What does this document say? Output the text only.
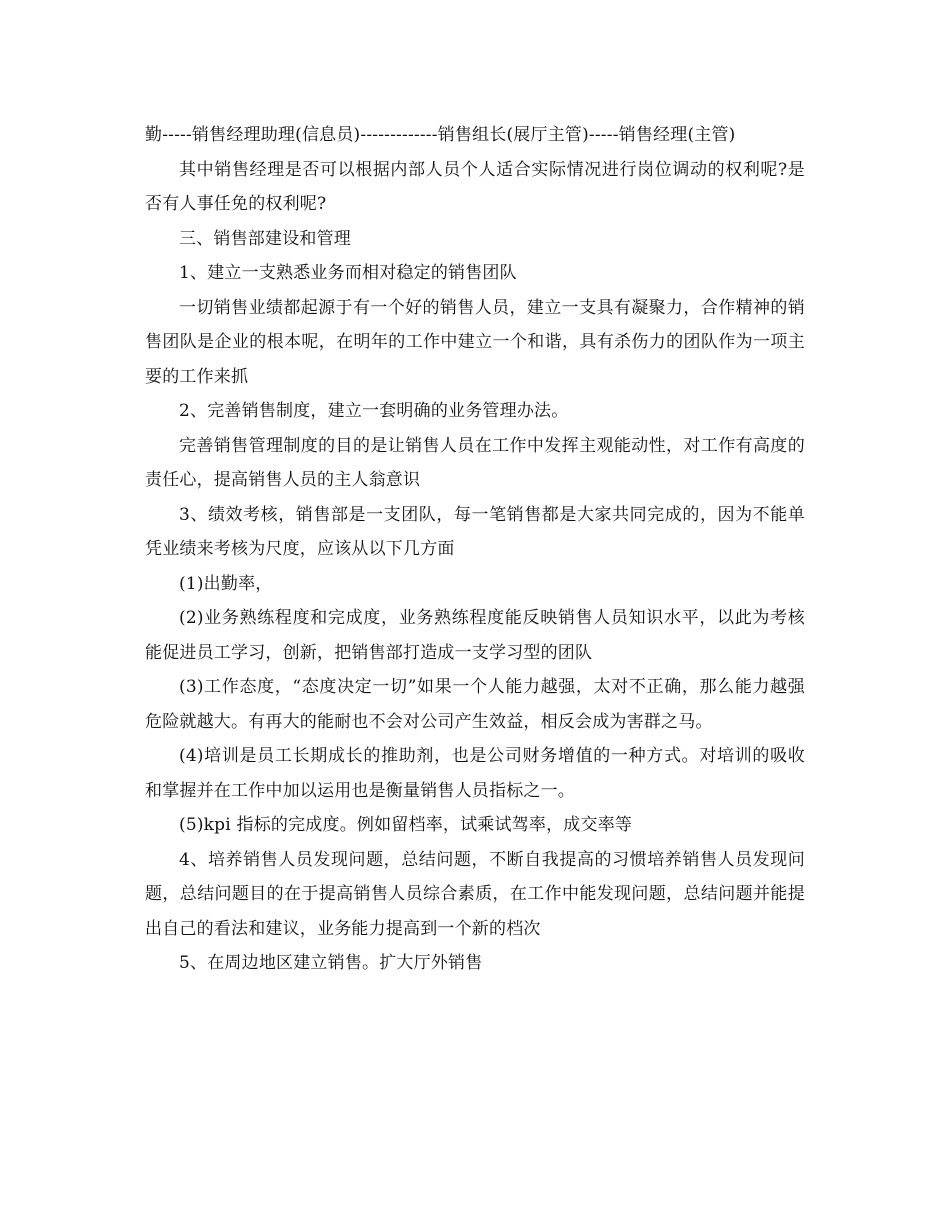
勤-----销售经理助理(信息员)-------------销售组长(展厅主管)-----销售经理(主管)

其中销售经理是否可以根据内部人员个人适合实际情况进行岗位调动的权利呢?是否有人事任免的权利呢?

三、销售部建设和管理

1、建立一支熟悉业务而相对稳定的销售团队

一切销售业绩都起源于有一个好的销售人员，建立一支具有凝聚力，合作精神的销售团队是企业的根本呢，在明年的工作中建立一个和谐，具有杀伤力的团队作为一项主要的工作来抓

2、完善销售制度，建立一套明确的业务管理办法。

完善销售管理制度的目的是让销售人员在工作中发挥主观能动性，对工作有高度的责任心，提高销售人员的主人翁意识

3、绩效考核，销售部是一支团队，每一笔销售都是大家共同完成的，因为不能单凭业绩来考核为尺度，应该从以下几方面

(1)出勤率，

(2)业务熟练程度和完成度，业务熟练程度能反映销售人员知识水平，以此为考核能促进员工学习，创新，把销售部打造成一支学习型的团队

(3)工作态度，“态度决定一切”如果一个人能力越强，太对不正确，那么能力越强危险就越大。有再大的能耐也不会对公司产生效益，相反会成为害群之马。

(4)培训是员工长期成长的推助剂，也是公司财务增值的一种方式。对培训的吸收和掌握并在工作中加以运用也是衡量销售人员指标之一。

(5)kpi 指标的完成度。例如留档率，试乘试驾率，成交率等

4、培养销售人员发现问题，总结问题，不断自我提高的习惯培养销售人员发现问题，总结问题目的在于提高销售人员综合素质，在工作中能发现问题，总结问题并能提出自己的看法和建议，业务能力提高到一个新的档次

5、在周边地区建立销售。扩大厅外销售
